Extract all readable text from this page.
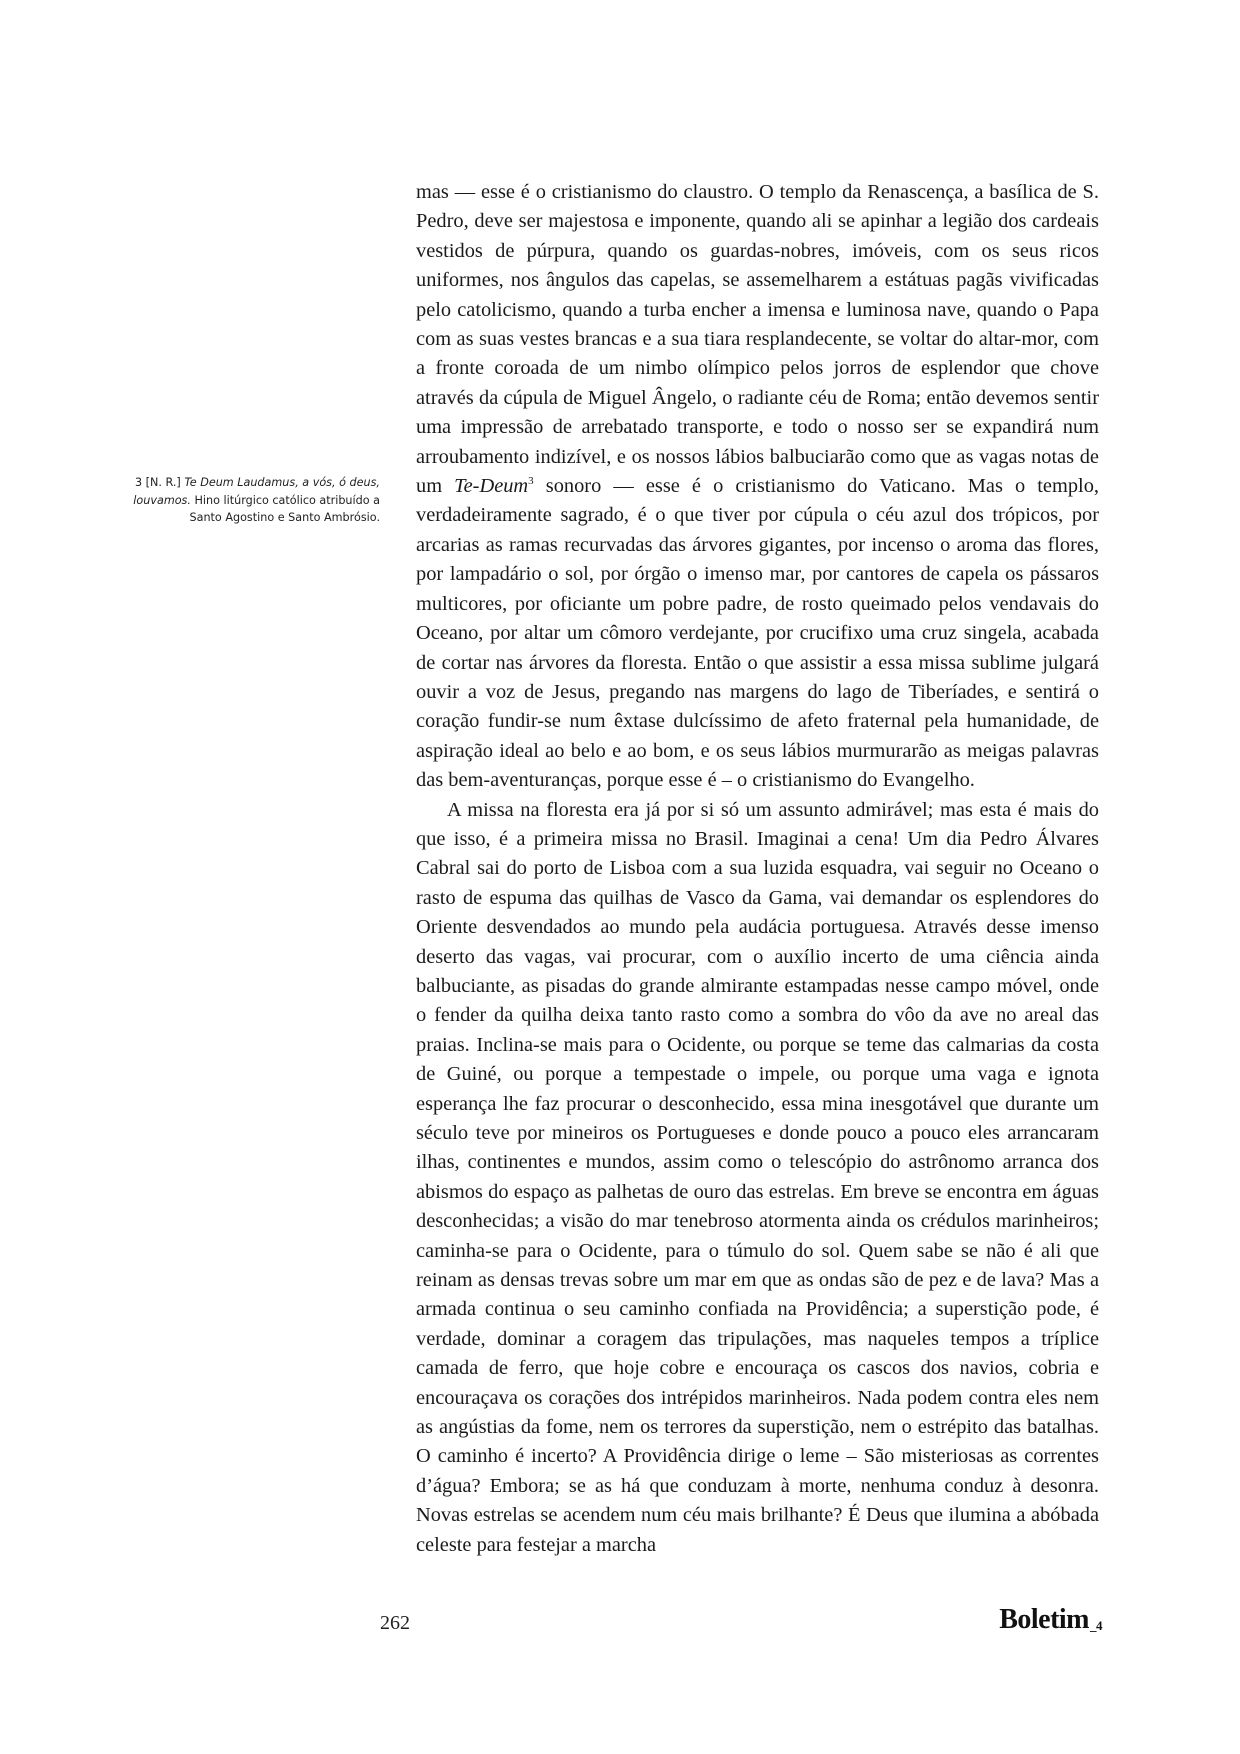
mas — esse é o cristianismo do claustro. O templo da Renascença, a basílica de S. Pedro, deve ser majestosa e imponente, quando ali se apinhar a legião dos cardeais vestidos de púrpura, quando os guardas-nobres, imóveis, com os seus ricos uniformes, nos ângulos das capelas, se assemelharem a estátuas pagãs vivificadas pelo catolicismo, quando a turba encher a imensa e luminosa nave, quando o Papa com as suas vestes brancas e a sua tiara resplandecente, se voltar do altar-mor, com a fronte coroada de um nimbo olímpico pelos jorros de esplendor que chove através da cúpula de Miguel Ângelo, o radiante céu de Roma; então devemos sentir uma impressão de arrebatado transporte, e todo o nosso ser se expandirá num arroubamento indizível, e os nossos lábios balbuciarão como que as vagas notas de um Te-Deum$^3$ sonoro — esse é o cristianismo do Vaticano. Mas o templo, verdadeiramente sagrado, é o que tiver por cúpula o céu azul dos trópicos, por arcarias as ramas recurvadas das árvores gigantes, por incenso o aroma das flores, por lampadário o sol, por órgão o imenso mar, por cantores de capela os pássaros multicores, por oficiante um pobre padre, de rosto queimado pelos vendavais do Oceano, por altar um cômoro verdejante, por crucifixo uma cruz singela, acabada de cortar nas árvores da floresta. Então o que assistir a essa missa sublime julgará ouvir a voz de Jesus, pregando nas margens do lago de Tiberíades, e sentirá o coração fundir-se num êxtase dulcíssimo de afeto fraternal pela humanidade, de aspiração ideal ao belo e ao bom, e os seus lábios murmurarão as meigas palavras das bem-aventuranças, porque esse é – o cristianismo do Evangelho.

A missa na floresta era já por si só um assunto admirável; mas esta é mais do que isso, é a primeira missa no Brasil. Imaginai a cena! Um dia Pedro Álvares Cabral sai do porto de Lisboa com a sua luzida esquadra, vai seguir no Oceano o rasto de espuma das quilhas de Vasco da Gama, vai demandar os esplendores do Oriente desvendados ao mundo pela audácia portuguesa. Através desse imenso deserto das vagas, vai procurar, com o auxílio incerto de uma ciência ainda balbuciante, as pisadas do grande almirante estampadas nesse campo móvel, onde o fender da quilha deixa tanto rasto como a sombra do vôo da ave no areal das praias. Inclina-se mais para o Ocidente, ou porque se teme das calmarias da costa de Guiné, ou porque a tempestade o impele, ou porque uma vaga e ignota esperança lhe faz procurar o desconhecido, essa mina inesgotável que durante um século teve por mineiros os Portugueses e donde pouco a pouco eles arrancaram ilhas, continentes e mundos, assim como o telescópio do astrônomo arranca dos abismos do espaço as palhetas de ouro das estrelas. Em breve se encontra em águas desconhecidas; a visão do mar tenebroso atormenta ainda os crédulos marinheiros; caminha-se para o Ocidente, para o túmulo do sol. Quem sabe se não é ali que reinam as densas trevas sobre um mar em que as ondas são de pez e de lava? Mas a armada continua o seu caminho confiada na Providência; a superstição pode, é verdade, dominar a coragem das tripulações, mas naqueles tempos a tríplice camada de ferro, que hoje cobre e encouraça os cascos dos navios, cobria e encouraçava os corações dos intrépidos marinheiros. Nada podem contra eles nem as angústias da fome, nem os terrores da superstição, nem o estrépito das batalhas. O caminho é incerto? A Providência dirige o leme – São misteriosas as correntes d’água? Embora; se as há que conduzam à morte, nenhuma conduz à desonra. Novas estrelas se acendem num céu mais brilhante? É Deus que ilumina a abóbada celeste para festejar a marcha

3 [N. R.] Te Deum Laudamus, a vós, ó deus, louvamos. Hino litúrgico católico atribuído a Santo Agostino e Santo Ambrósio.
262	Boletim_4
